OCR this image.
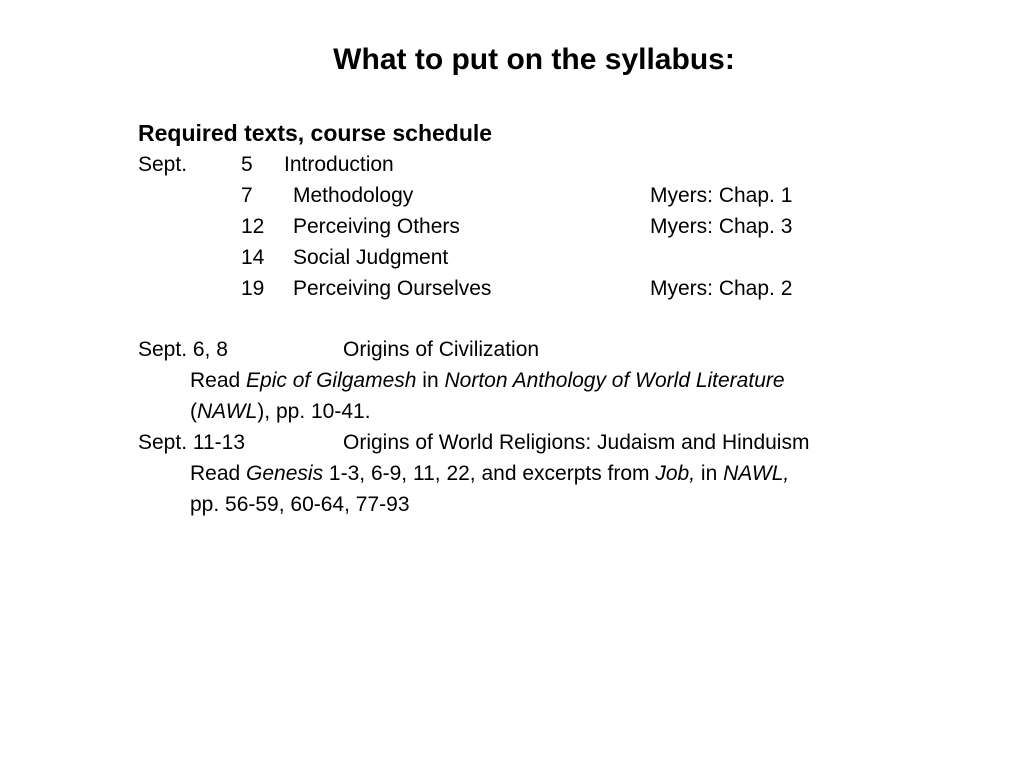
What to put on the syllabus:
Required texts, course schedule
Sept.	5 Introduction
7 Methodology	Myers: Chap. 1
12 Perceiving Others	Myers: Chap. 3
14 Social Judgment
19 Perceiving Ourselves	Myers: Chap. 2
Sept. 6, 8	Origins of Civilization
Read Epic of Gilgamesh in Norton Anthology of World Literature
(NAWL), pp. 10-41.
Sept. 11-13	Origins of World Religions: Judaism and Hinduism
Read Genesis 1-3, 6-9, 11, 22, and excerpts from Job, in NAWL,
pp. 56-59, 60-64, 77-93
